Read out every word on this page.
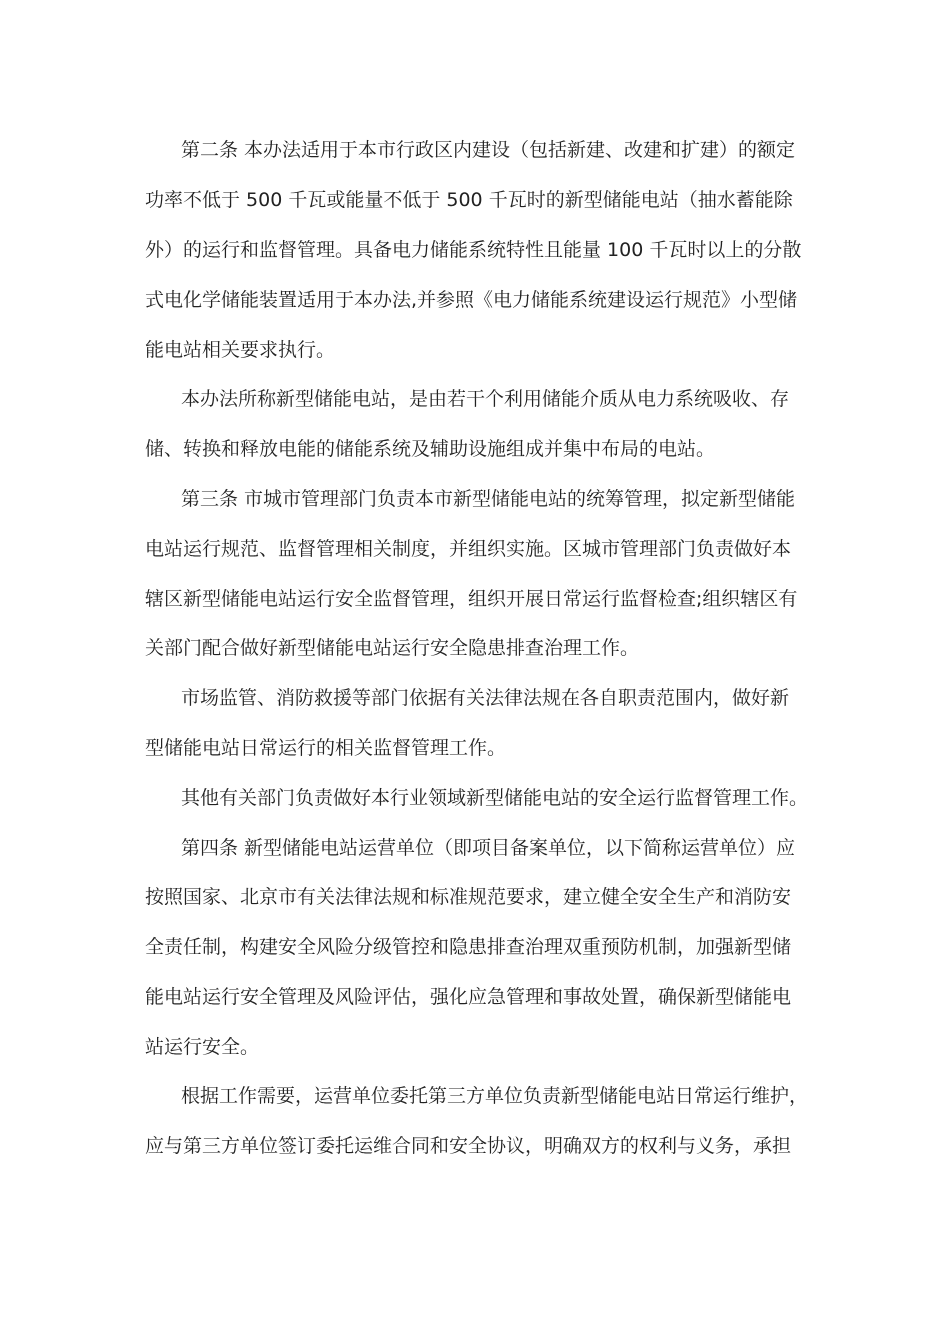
第二条 本办法适用于本市行政区内建设（包括新建、改建和扩建）的额定
功率不低于 500 千瓦或能量不低于 500 千瓦时的新型储能电站（抽水蓄能除
外）的运行和监督管理。具备电力储能系统特性且能量 100 千瓦时以上的分散
式电化学储能装置适用于本办法,并参照《电力储能系统建设运行规范》小型储
能电站相关要求执行。
本办法所称新型储能电站，是由若干个利用储能介质从电力系统吸收、存
储、转换和释放电能的储能系统及辅助设施组成并集中布局的电站。
第三条 市城市管理部门负责本市新型储能电站的统筹管理，拟定新型储能
电站运行规范、监督管理相关制度，并组织实施。区城市管理部门负责做好本
辖区新型储能电站运行安全监督管理，组织开展日常运行监督检查;组织辖区有
关部门配合做好新型储能电站运行安全隐患排查治理工作。
市场监管、消防救援等部门依据有关法律法规在各自职责范围内，做好新
型储能电站日常运行的相关监督管理工作。
其他有关部门负责做好本行业领域新型储能电站的安全运行监督管理工作。
第四条 新型储能电站运营单位（即项目备案单位，以下简称运营单位）应
按照国家、北京市有关法律法规和标准规范要求，建立健全安全生产和消防安
全责任制，构建安全风险分级管控和隐患排查治理双重预防机制，加强新型储
能电站运行安全管理及风险评估，强化应急管理和事故处置，确保新型储能电
站运行安全。
根据工作需要，运营单位委托第三方单位负责新型储能电站日常运行维护，
应与第三方单位签订委托运维合同和安全协议，明确双方的权利与义务，承担
